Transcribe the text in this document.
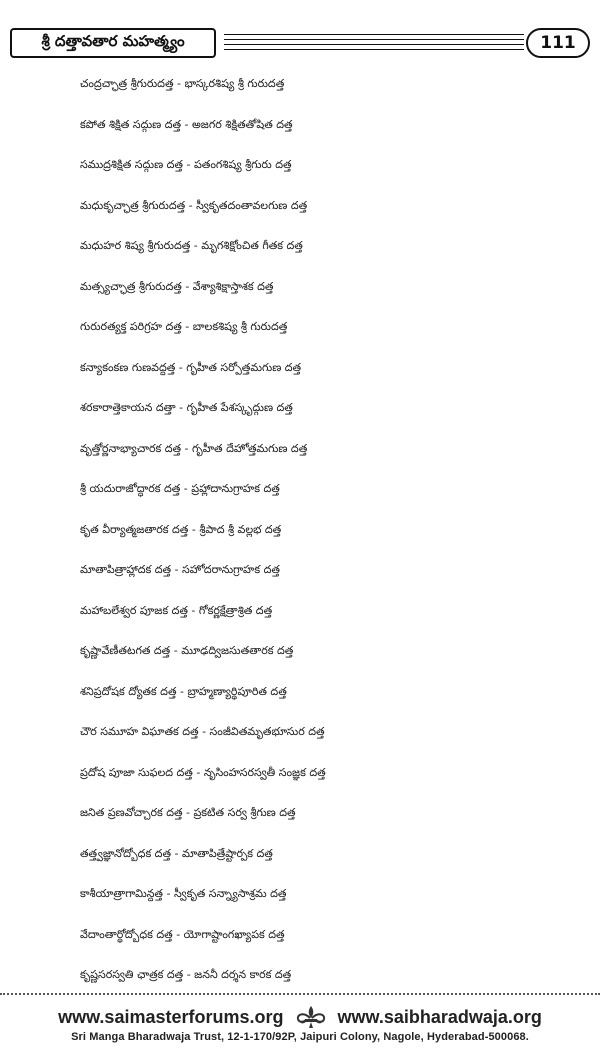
శ్రీ దత్తావతార మహత్మ్యం	111
చంద్రచ్ఛాత్ర శ్రీగురుదత్త - భాస్కరశిష్య శ్రీ గురుదత్త
కపోత శిక్షిత సద్గుణ దత్త - అజగర శిక్షితతోషిత దత్త
సముద్రశిక్షిత సద్గుణ దత్త - పతంగశిష్య శ్రీగురు దత్త
మధుకృచ్ఛాత్ర శ్రీగురుదత్త - స్వీకృతదంతావలగుణ దత్త
మధుహర శిష్య శ్రీగురుదత్త - మృగశిక్షోంచిత గీతక దత్త
మత్స్యచ్ఛాత్ర శ్రీగురుదత్త - వేశ్యాశిక్షాస్తాశక దత్త
గురురత్యక్త పరిగ్రహ దత్త - బాలకశిష్య శ్రీ గురుదత్త
కన్యాకంకణ గుణవద్దత్త - గృహీత సర్పోత్తమగుణ దత్త
శరకారాత్తెకాయన దత్తా - గృహీత పేశస్కృద్గుణ దత్త
వృత్తోర్ణనాభ్యాచారక దత్త - గృహీత దేహోత్తమగుణ దత్త
శ్రీ యదురాజోద్ధారక దత్త - ప్రహ్లాదానుగ్రాహక దత్త
కృత వీర్యాత్మజతారక దత్త - శ్రీపాద శ్రీ వల్లభ దత్త
మాతాపిత్రాహ్లాదక దత్త - సహోదరానుగ్రాహక దత్త
మహాబలేశ్వర పూజక దత్త - గోకర్ణక్షేత్రాశ్రిత దత్త
కృష్ణావేణీతటగత దత్త - మూఢద్విజసుతతారక దత్త
శనిప్రదోషక ద్యోతక దత్త - బ్రాహ్మణ్యార్థిపూరిత దత్త
చౌర సమూహ విఘాతక దత్త - సంజీవితమృతభూసుర దత్త
ప్రదోష పూజా సుఫలద దత్త - నృసింహసరస్వతీ సంజ్ఞక దత్త
జనిత ప్రణవోచ్చారక దత్త - ప్రకటిత సర్వ శ్రీగుణ దత్త
తత్త్వజ్ఞానోద్బోధక దత్త - మాతాపిత్రేష్టార్పక దత్త
కాశీయాత్రాగామిన్దత్త - స్వీకృత సన్న్యాసాశ్రమ దత్త
వేదాంతార్థోద్బోధక దత్త - యోగాష్టాంగఖ్యాపక దత్త
కృష్ణసరస్వతి ఛాత్రక దత్త - జననీ దర్శన కారక దత్త
www.saimasterforums.org	www.saibharadwaja.org
Sri Manga Bharadwaja Trust, 12-1-170/92P, Jaipuri Colony, Nagole, Hyderabad-500068.
